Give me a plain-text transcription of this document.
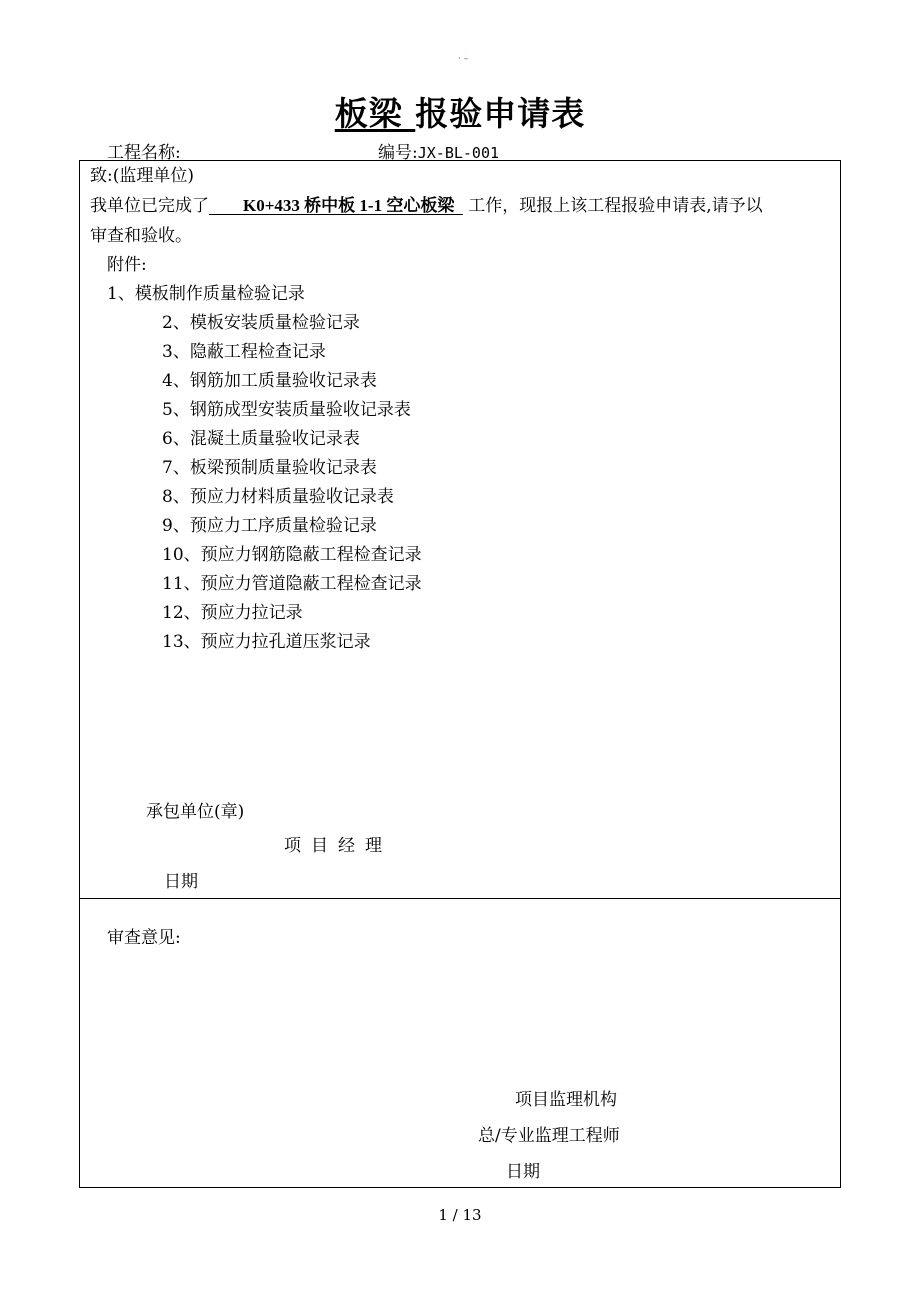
· –
板梁 报验申请表
工程名称:	编号:JX-BL-001
致:(监理单位)
我单位已完成了        K0+433 桥中板 1-1 空心板梁   工作，现报上该工程报验申请表,请予以
审查和验收。
附件:
1、模板制作质量检验记录
2、模板安装质量检验记录
3、隐蔽工程检查记录
4、钢筋加工质量验收记录表
5、钢筋成型安装质量验收记录表
6、混凝土质量验收记录表
7、板梁预制质量验收记录表
8、预应力材料质量验收记录表
9、预应力工序质量检验记录
10、预应力钢筋隐蔽工程检查记录
11、预应力管道隐蔽工程检查记录
12、预应力拉记录
13、预应力拉孔道压浆记录
承包单位(章)
项目经理
日期
审查意见:
项目监理机构
总/专业监理工程师
日期
1 / 13
